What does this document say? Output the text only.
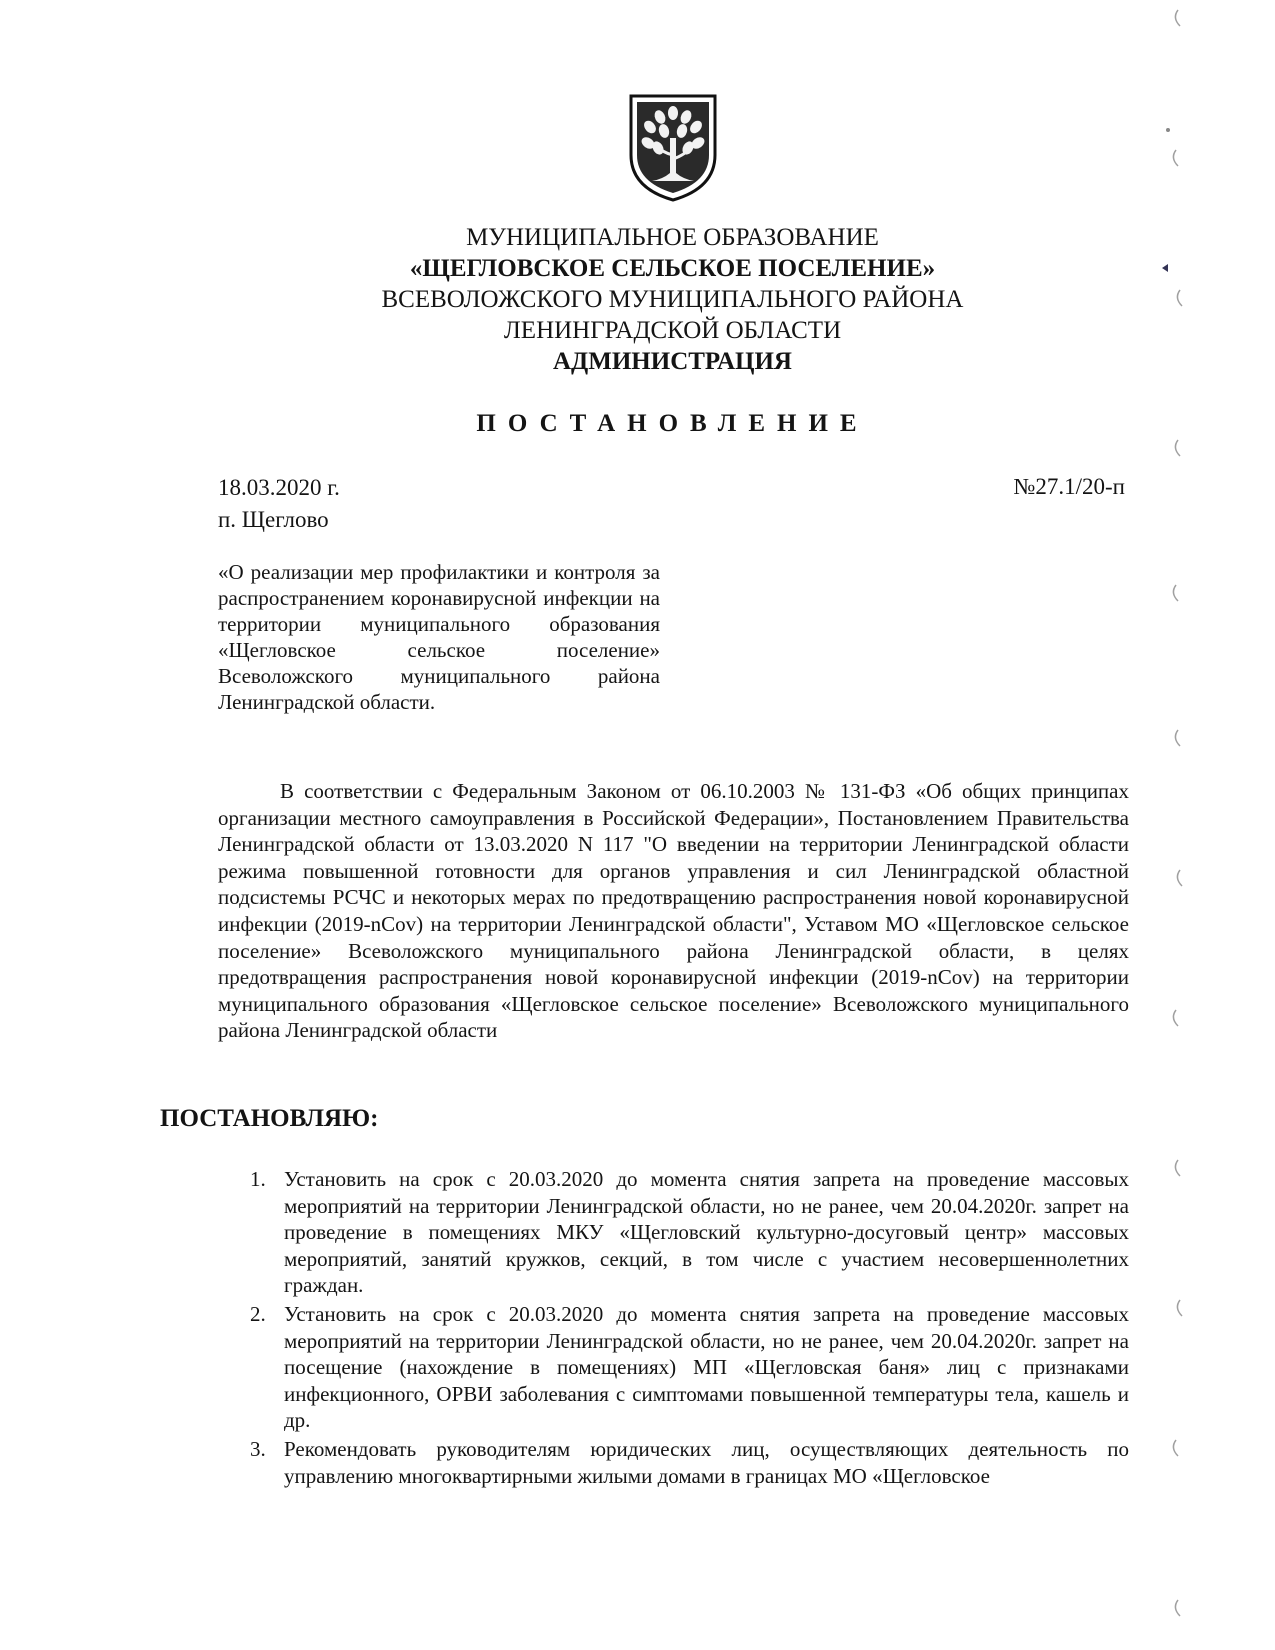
МУНИЦИПАЛЬНОЕ ОБРАЗОВАНИЕ
«ЩЕГЛОВСКОЕ СЕЛЬСКОЕ ПОСЕЛЕНИЕ»
ВСЕВОЛОЖСКОГО МУНИЦИПАЛЬНОГО РАЙОНА
ЛЕНИНГРАДСКОЙ ОБЛАСТИ
АДМИНИСТРАЦИЯ
ПОСТАНОВЛЕНИЕ
18.03.2020 г.
п. Щеглово
№27.1/20-п
«О реализации мер профилактики и контроля за распространением коронавирусной инфекции на территории муниципального образования «Щегловское сельское поселение» Всеволожского муниципального района Ленинградской области.
В соответствии с Федеральным Законом от 06.10.2003 № 131-ФЗ «Об общих принципах организации местного самоуправления в Российской Федерации», Постановлением Правительства Ленинградской области от 13.03.2020 N 117 "О введении на территории Ленинградской области режима повышенной готовности для органов управления и сил Ленинградской областной подсистемы РСЧС и некоторых мерах по предотвращению распространения новой коронавирусной инфекции (2019-nCov) на территории Ленинградской области", Уставом МО «Щегловское сельское поселение» Всеволожского муниципального района Ленинградской области, в целях предотвращения распространения новой коронавирусной инфекции (2019-nCov) на территории муниципального образования «Щегловское сельское поселение» Всеволожского муниципального района Ленинградской области
ПОСТАНОВЛЯЮ:
1. Установить на срок с 20.03.2020 до момента снятия запрета на проведение массовых мероприятий на территории Ленинградской области, но не ранее, чем 20.04.2020г. запрет на проведение в помещениях МКУ «Щегловский культурно-досуговый центр» массовых мероприятий, занятий кружков, секций, в том числе с участием несовершеннолетних граждан.
2. Установить на срок с 20.03.2020 до момента снятия запрета на проведение массовых мероприятий на территории Ленинградской области, но не ранее, чем 20.04.2020г. запрет на посещение (нахождение в помещениях) МП «Щегловская баня» лиц с признаками инфекционного, ОРВИ заболевания с симптомами повышенной температуры тела, кашель и др.
3. Рекомендовать руководителям юридических лиц, осуществляющих деятельность по управлению многоквартирными жилыми домами в границах МО «Щегловское
